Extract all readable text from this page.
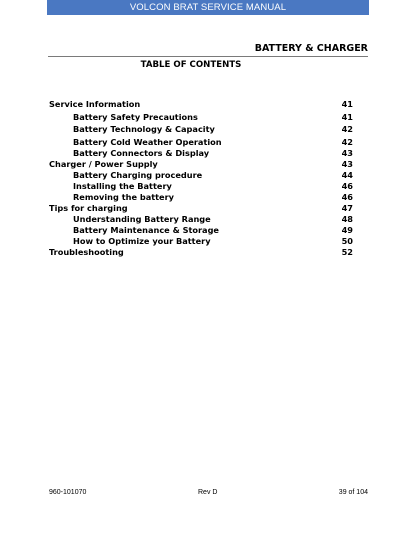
VOLCON BRAT SERVICE MANUAL
BATTERY & CHARGER
TABLE OF CONTENTS
Service Information	41
Battery Safety Precautions	41
Battery Technology & Capacity	42
Battery Cold Weather Operation	42
Battery Connectors & Display	43
Charger / Power Supply	43
Battery Charging procedure	44
Installing the Battery	46
Removing the battery	46
Tips for charging	47
Understanding Battery Range	48
Battery Maintenance & Storage	49
How to Optimize your Battery	50
Troubleshooting	52
960-101070	Rev D	39 of 104
